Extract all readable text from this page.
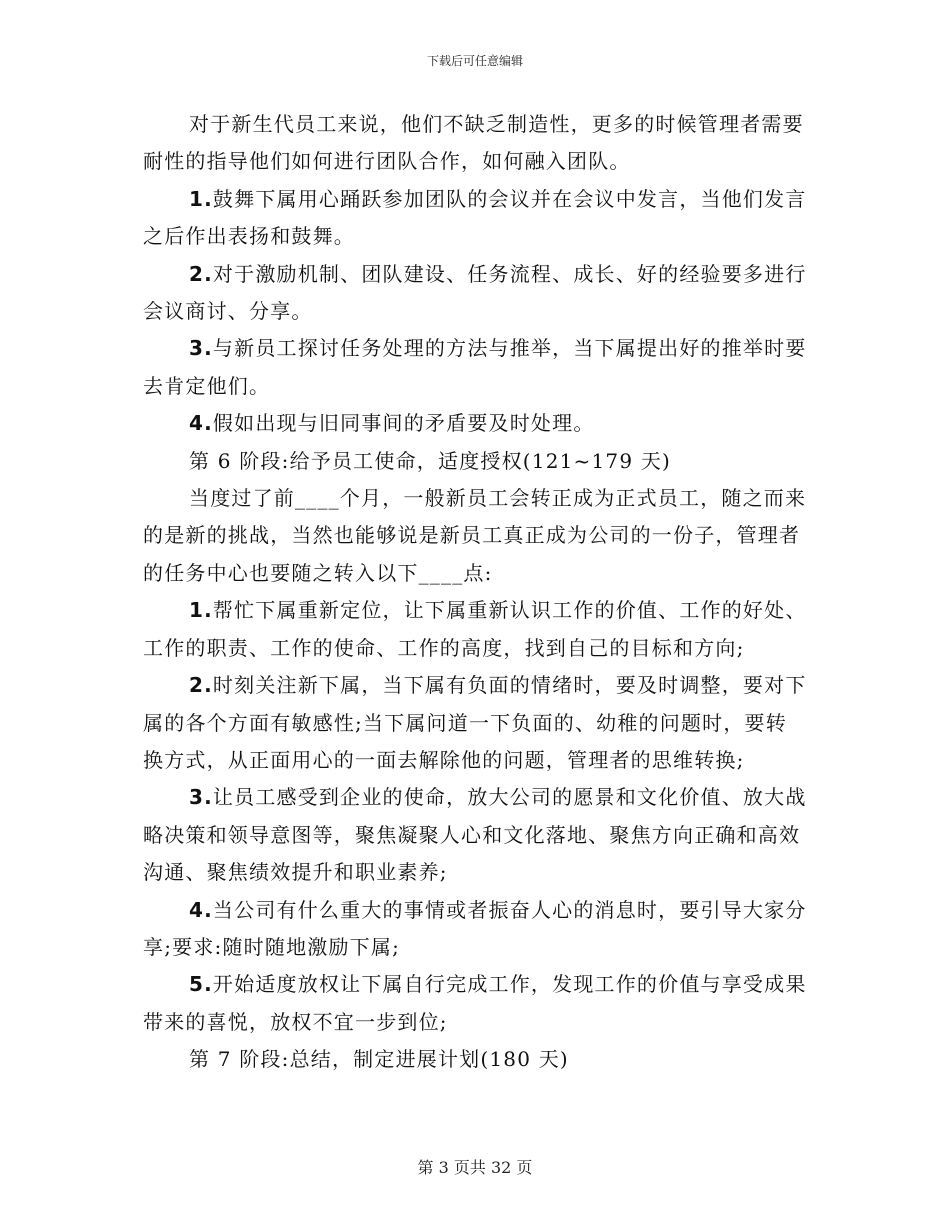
下载后可任意编辑

对于新生代员工来说，他们不缺乏制造性，更多的时候管理者需要耐性的指导他们如何进行团队合作，如何融入团队。

1.鼓舞下属用心踊跃参加团队的会议并在会议中发言，当他们发言之后作出表扬和鼓舞。

2.对于激励机制、团队建设、任务流程、成长、好的经验要多进行会议商讨、分享。

3.与新员工探讨任务处理的方法与推举，当下属提出好的推举时要去肯定他们。

4.假如出现与旧同事间的矛盾要及时处理。

第 6 阶段:给予员工使命，适度授权(121~179 天)

当度过了前____个月，一般新员工会转正成为正式员工，随之而来的是新的挑战，当然也能够说是新员工真正成为公司的一份子，管理者的任务中心也要随之转入以下____点:

1.帮忙下属重新定位，让下属重新认识工作的价值、工作的好处、工作的职责、工作的使命、工作的高度，找到自己的目标和方向;

2.时刻关注新下属，当下属有负面的情绪时，要及时调整，要对下属的各个方面有敏感性;当下属问道一下负面的、幼稚的问题时，要转换方式，从正面用心的一面去解除他的问题，管理者的思维转换;

3.让员工感受到企业的使命，放大公司的愿景和文化价值、放大战略决策和领导意图等，聚焦凝聚人心和文化落地、聚焦方向正确和高效沟通、聚焦绩效提升和职业素养;

4.当公司有什么重大的事情或者振奋人心的消息时，要引导大家分享;要求:随时随地激励下属;

5.开始适度放权让下属自行完成工作，发现工作的价值与享受成果带来的喜悦，放权不宜一步到位;

第 7 阶段:总结，制定进展计划(180 天)

第 3 页共 32 页
